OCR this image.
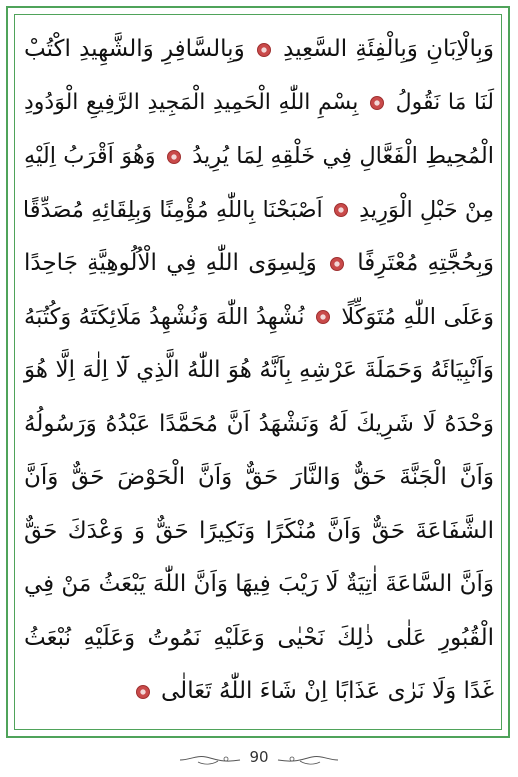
وَبِالْاِبَانِ وَبِالْفِئَةِ السَّعِيدِ  وَبِالسَّافِرِ وَالشَّهِيدِ اكْتُبْ
لَنَا مَا نَقُولُ  بِسْمِ اللّٰهِ الْحَمِيدِ الْمَجِيدِ الرَّفِيعِ الْوَدُودِ
الْمُحِيطِ الْفَعَّالِ فِي خَلْقِهِ لِمَا يُرِيدُ  وَهُوَ اَقْرَبُ اِلَيْهِ
مِنْ حَبْلِ الْوَرِيدِ  اَصْبَحْنَا بِاللّٰهِ مُؤْمِنًا وَبِلِقَائِهِ مُصَدِّقًا
وَبِحُجَّتِهِ مُعْتَرِفًا  وَلِسِوَى اللّٰهِ فِي الْاُلُوهِيَّةِ جَاحِدًا
وَعَلَى اللّٰهِ مُتَوَكِّلًا  نُشْهِدُ اللّٰهَ وَنُشْهِدُ مَلَائِكَتَهُ وَكُتُبَهُ
وَاَنْبِيَائَهُ وَحَمَلَةَ عَرْشِهِ بِاَنَّهُ هُوَ اللّٰهُ الَّذِي لَٓا اِلٰهَ اِلَّا هُوَ
وَحْدَهُ لَا شَرِيكَ لَهُ وَنَشْهَدُ اَنَّ مُحَمَّدًا عَبْدُهُ وَرَسُولُهُ
وَاَنَّ الْجَنَّةَ حَقٌّ وَالنَّارَ حَقٌّ وَاَنَّ الْحَوْضَ حَقٌّ وَاَنَّ
الشَّفَاعَةَ حَقٌّ وَاَنَّ مُنْكَرًا وَنَكِيرًا حَقٌّ وَ وَعْدَكَ حَقٌّ
وَاَنَّ السَّاعَةَ اٰتِيَةٌ لَا رَيْبَ فِيهَا وَاَنَّ اللّٰهَ يَبْعَثُ مَنْ فِي
الْقُبُورِ عَلٰى ذٰلِكَ نَحْيٰى وَعَلَيْهِ نَمُوتُ وَعَلَيْهِ نُبْعَثُ
غَدًا وَلَا نَرٰى عَذَابًا اِنْ شَاءَ اللّٰهُ تَعَالٰى
90
